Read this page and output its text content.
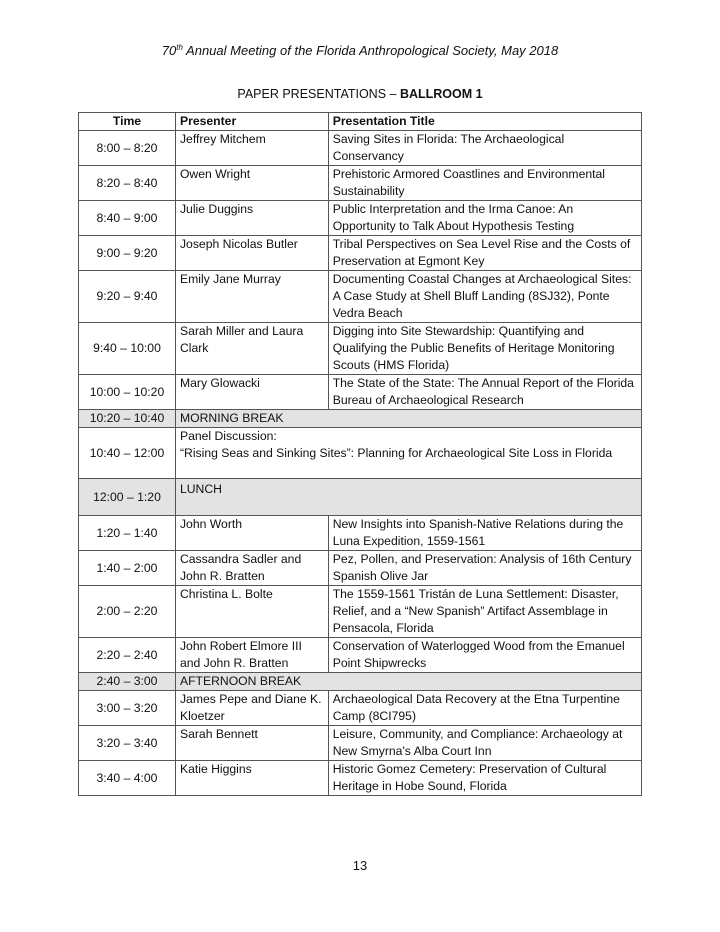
70th Annual Meeting of the Florida Anthropological Society, May 2018
PAPER PRESENTATIONS – BALLROOM 1
Time	Presenter	Presentation Title
8:00 – 8:20	Jeffrey Mitchem	Saving Sites in Florida: The Archaeological Conservancy
8:20 – 8:40	Owen Wright	Prehistoric Armored Coastlines and Environmental Sustainability
8:40 – 9:00	Julie Duggins	Public Interpretation and the Irma Canoe: An Opportunity to Talk About Hypothesis Testing
9:00 – 9:20	Joseph Nicolas Butler	Tribal Perspectives on Sea Level Rise and the Costs of Preservation at Egmont Key
9:20 – 9:40	Emily Jane Murray	Documenting Coastal Changes at Archaeological Sites: A Case Study at Shell Bluff Landing (8SJ32), Ponte Vedra Beach
9:40 – 10:00	Sarah Miller and Laura Clark	Digging into Site Stewardship: Quantifying and Qualifying the Public Benefits of Heritage Monitoring Scouts (HMS Florida)
10:00 – 10:20	Mary Glowacki	The State of the State: The Annual Report of the Florida Bureau of Archaeological Research
10:20 – 10:40	MORNING BREAK	
10:40 – 12:00	Panel Discussion:
“Rising Seas and Sinking Sites”: Planning for Archaeological Site Loss in Florida	

12:00 – 1:20	LUNCH	
1:20 – 1:40	John Worth	New Insights into Spanish-Native Relations during the Luna Expedition, 1559-1561
1:40 – 2:00	Cassandra Sadler and John R. Bratten	Pez, Pollen, and Preservation: Analysis of 16th Century Spanish Olive Jar
2:00 – 2:20	Christina L. Bolte	The 1559-1561 Tristán de Luna Settlement: Disaster, Relief, and a “New Spanish” Artifact Assemblage in Pensacola, Florida
2:20 – 2:40	John Robert Elmore III and John R. Bratten	Conservation of Waterlogged Wood from the Emanuel Point Shipwrecks
2:40 – 3:00	AFTERNOON BREAK	
3:00 – 3:20	James Pepe and Diane K. Kloetzer	Archaeological Data Recovery at the Etna Turpentine Camp (8CI795)
3:20 – 3:40	Sarah Bennett	Leisure, Community, and Compliance: Archaeology at New Smyrna's Alba Court Inn
3:40 – 4:00	Katie Higgins	Historic Gomez Cemetery: Preservation of Cultural Heritage in Hobe Sound, Florida
13
